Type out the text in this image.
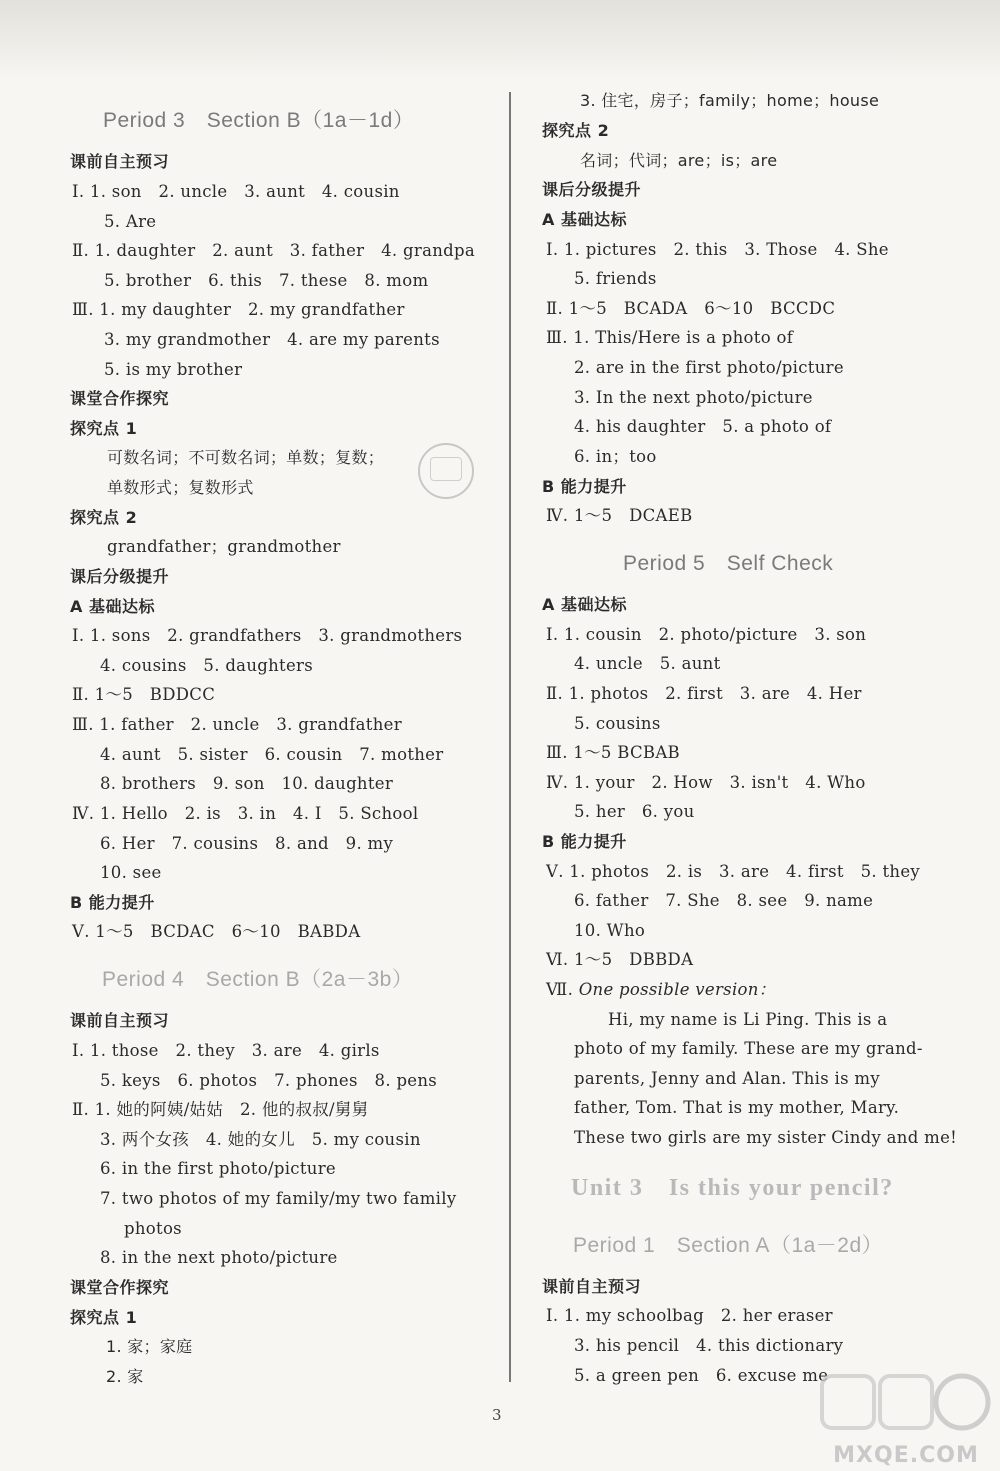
Period 3　Section B（1a－1d）
课前自主预习
Ⅰ. 1. son　2. uncle　3. aunt　4. cousin
5. Are
Ⅱ. 1. daughter　2. aunt　3. father　4. grandpa
5. brother　6. this　7. these　8. mom
Ⅲ. 1. my daughter　2. my grandfather
3. my grandmother　4. are my parents
5. is my brother
课堂合作探究
探究点 1
可数名词；不可数名词；单数；复数；
单数形式；复数形式
探究点 2
grandfather；grandmother
课后分级提升
A 基础达标
Ⅰ. 1. sons　2. grandfathers　3. grandmothers
4. cousins　5. daughters
Ⅱ. 1～5　BDDCC
Ⅲ. 1. father　2. uncle　3. grandfather
4. aunt　5. sister　6. cousin　7. mother
8. brothers　9. son　10. daughter
Ⅳ. 1. Hello　2. is　3. in　4. I　5. School
6. Her　7. cousins　8. and　9. my
10. see
B 能力提升
Ⅴ. 1～5　BCDAC　6～10　BABDA
Period 4　Section B（2a－3b）
课前自主预习
Ⅰ. 1. those　2. they　3. are　4. girls
5. keys　6. photos　7. phones　8. pens
Ⅱ. 1. 她的阿姨/姑姑　2. 他的叔叔/舅舅
3. 两个女孩　4. 她的女儿　5. my cousin
6. in the first photo/picture
7. two photos of my family/my two family
photos
8. in the next photo/picture
课堂合作探究
探究点 1
1. 家；家庭
2. 家
3. 住宅，房子；family；home；house
探究点 2
名词；代词；are；is；are
课后分级提升
A 基础达标
Ⅰ. 1. pictures　2. this　3. Those　4. She
5. friends
Ⅱ. 1～5　BCADA　6～10　BCCDC
Ⅲ. 1. This/Here is a photo of
2. are in the first photo/picture
3. In the next photo/picture
4. his daughter　5. a photo of
6. in；too
B 能力提升
Ⅳ. 1～5　DCAEB
Period 5　Self Check
A 基础达标
Ⅰ. 1. cousin　2. photo/picture　3. son
4. uncle　5. aunt
Ⅱ. 1. photos　2. first　3. are　4. Her
5. cousins
Ⅲ. 1～5 BCBAB
Ⅳ. 1. your　2. How　3. isn't　4. Who
5. her　6. you
B 能力提升
Ⅴ. 1. photos　2. is　3. are　4. first　5. they
6. father　7. She　8. see　9. name
10. Who
Ⅵ. 1～5　DBBDA
Ⅶ. One possible version：
Hi, my name is Li Ping. This is a
photo of my family. These are my grand-
parents, Jenny and Alan. This is my
father, Tom. That is my mother, Mary.
These two girls are my sister Cindy and me!
Unit 3　Is this your pencil?
Period 1　Section A（1a－2d）
课前自主预习
Ⅰ. 1. my schoolbag　2. her eraser
3. his pencil　4. this dictionary
5. a green pen　6. excuse me
MXQE.COM
3
